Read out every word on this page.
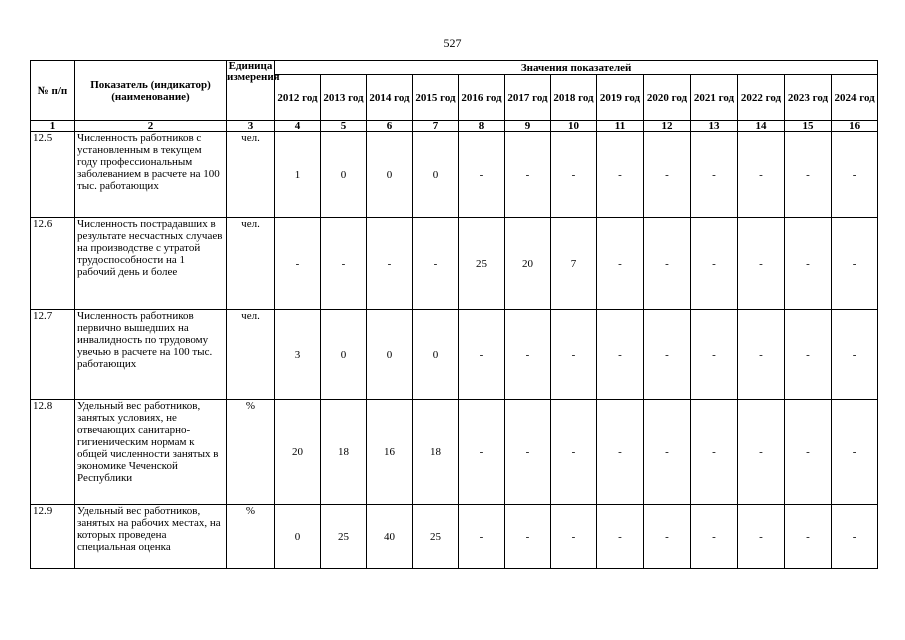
527
№ п/п	Показатель (индикатор) (наименование)	Единица измерения	Значения показателей												
			2012 год	2013 год	2014 год	2015 год	2016 год	2017 год	2018 год	2019 год	2020 год	2021 год	2022 год	2023 год	2024 год
1	2	3	4	5	6	7	8	9	10	11	12	13	14	15	16
12.5	Численность работников с установленным в текущем году профессиональным заболеванием в расчете на 100 тыс. работающих	чел.	1	0	0	0	-	-	-	-	-	-	-	-	-
12.6	Численность пострадавших в результате несчастных случаев на производстве с утратой трудоспособности на 1 рабочий день и более	чел.	-	-	-	-	25	20	7	-	-	-	-	-	-
12.7	Численность работников первично вышедших на инвалидность по трудовому увечью в расчете на 100 тыс. работающих	чел.	3	0	0	0	-	-	-	-	-	-	-	-	-
12.8	Удельный вес работников, занятых условиях, не отвечающих санитарно-гигиеническим нормам к общей численности занятых в экономике Чеченской Республики	%	20	18	16	18	-	-	-	-	-	-	-	-	-
12.9	Удельный вес работников, занятых на рабочих местах, на которых проведена специальная оценка	%	0	25	40	25	-	-	-	-	-	-	-	-	-
